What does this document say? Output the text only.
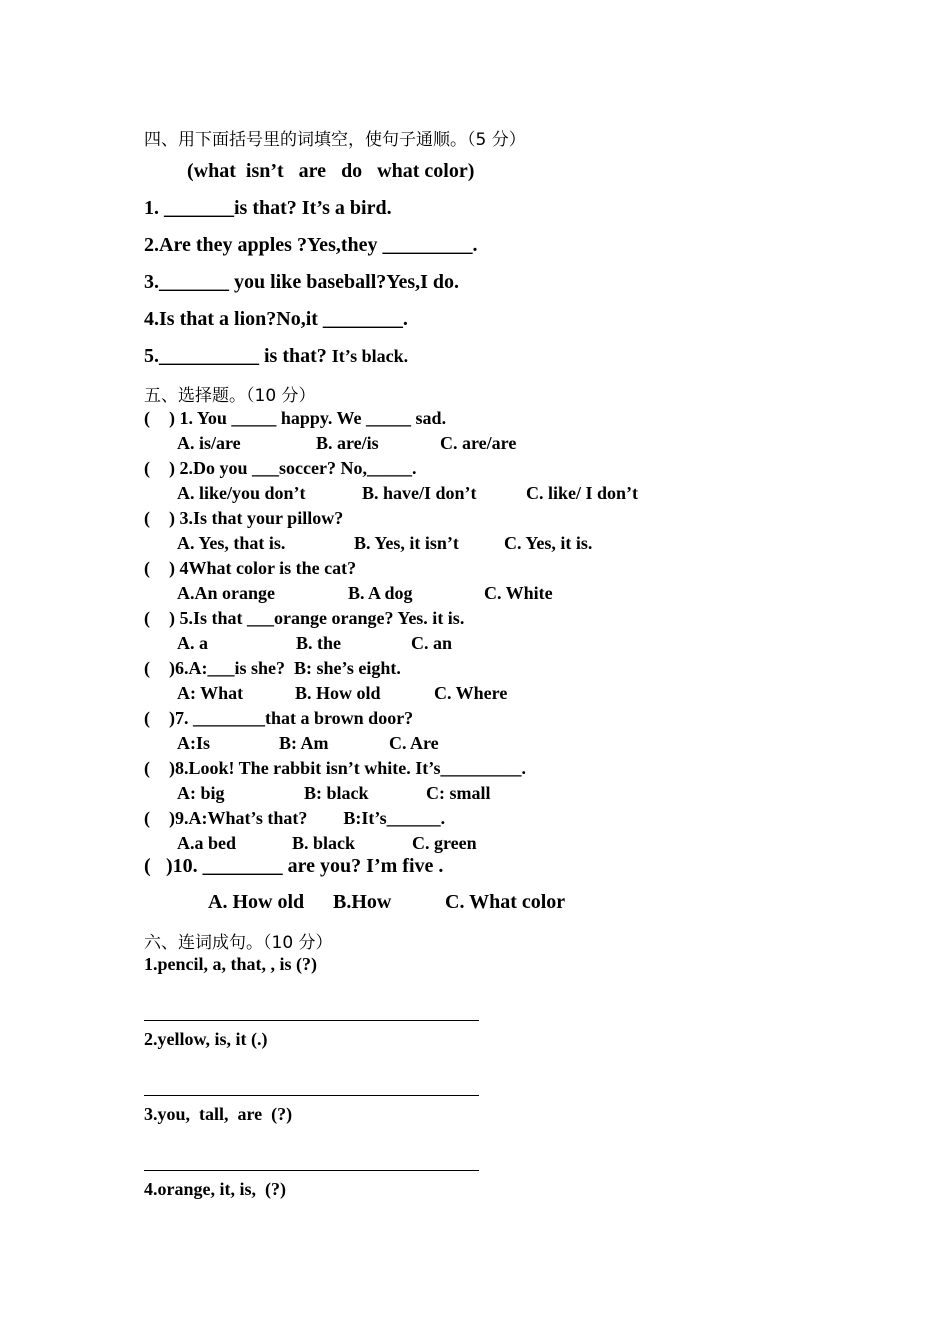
四、用下面括号里的词填空，使句子通顺。（5 分）
(what  isn’t   are   do   what color)
1. _______is that? It’s a bird.
2.Are they apples ?Yes,they _________.
3._______ you like baseball?Yes,I do.
4.Is that a lion?No,it ________.
5.__________ is that? It’s black.
五、选择题。（10 分）
( ) 1. You _____ happy. We _____ sad.
A. is/are	B. are/is	C. are/are
( ) 2.Do you ___soccer? No,_____.
A. like/you don’t	B. have/I don’t	C. like/ I don’t
( ) 3.Is that your pillow?
A. Yes, that is.	B. Yes, it isn’t	C. Yes, it is.
( ) 4What color is the cat?
A.An orange	B. A dog	C. White
( ) 5.Is that ___orange orange? Yes. it is.
A. a	B. the	C. an
( )6.A:___is she?  B: she’s eight.
A: What	B. How old	C. Where
( )7. ________that a brown door?
A:Is	B: Am	C. Are
( )8.Look! The rabbit isn’t white. It’s_________.
A: big	B: black	C: small
( )9.A:What’s that?        B:It’s______.
A.a bed	B. black	C. green
( )10. ________ are you? I’m five .
A. How old B.How	C. What color
六、连词成句。（10 分）
1.pencil, a, that, , is (?)
2.yellow, is, it (.)
3.you,  tall,  are  (?)
4.orange, it, is,  (?)
